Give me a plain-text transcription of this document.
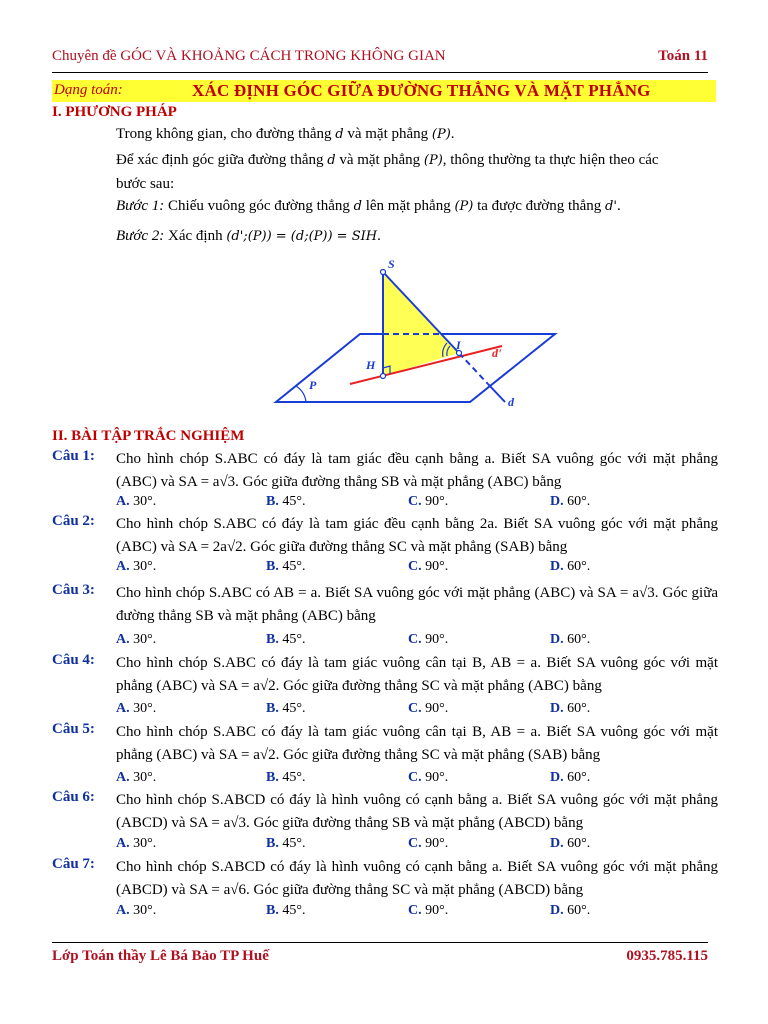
Chuyên đề GÓC VÀ KHOẢNG CÁCH TRONG KHÔNG GIAN	Toán 11
Dạng toán:	XÁC ĐỊNH GÓC GIỮA ĐƯỜNG THẲNG VÀ MẶT PHẲNG
I. PHƯƠNG PHÁP
Trong không gian, cho đường thẳng d và mặt phẳng (P).
Để xác định góc giữa đường thẳng d và mặt phẳng (P), thông thường ta thực hiện theo các
bước sau:
Bước 1: Chiếu vuông góc đường thẳng d lên mặt phẳng (P) ta được đường thẳng d'.
Bước 2: Xác định (d';(P)) = (d;(P)) = SIH.
S
H
I
P
d'
d
II. BÀI TẬP TRẮC NGHIỆM
Câu 1: Cho hình chóp S.ABC có đáy là tam giác đều cạnh bằng a. Biết SA vuông góc với mặt phẳng (ABC) và SA = a√3. Góc giữa đường thẳng SB và mặt phẳng (ABC) bằng
A. 30°.	B. 45°.	C. 90°.	D. 60°.
Câu 2: Cho hình chóp S.ABC có đáy là tam giác đều cạnh bằng 2a. Biết SA vuông góc với mặt phẳng (ABC) và SA = 2a√2. Góc giữa đường thẳng SC và mặt phẳng (SAB) bằng
A. 30°.	B. 45°.	C. 90°.	D. 60°.
Câu 3: Cho hình chóp S.ABC có AB = a. Biết SA vuông góc với mặt phẳng (ABC) và SA = a√3. Góc giữa đường thẳng SB và mặt phẳng (ABC) bằng
A. 30°.	B. 45°.	C. 90°.	D. 60°.
Câu 4: Cho hình chóp S.ABC có đáy là tam giác vuông cân tại B, AB = a. Biết SA vuông góc với mặt phẳng (ABC) và SA = a√2. Góc giữa đường thẳng SC và mặt phẳng (ABC) bằng
A. 30°.	B. 45°.	C. 90°.	D. 60°.
Câu 5: Cho hình chóp S.ABC có đáy là tam giác vuông cân tại B, AB = a. Biết SA vuông góc với mặt phẳng (ABC) và SA = a√2. Góc giữa đường thẳng SC và mặt phẳng (SAB) bằng
A. 30°.	B. 45°.	C. 90°.	D. 60°.
Câu 6: Cho hình chóp S.ABCD có đáy là hình vuông có cạnh bằng a. Biết SA vuông góc với mặt phẳng (ABCD) và SA = a√3. Góc giữa đường thẳng SB và mặt phẳng (ABCD) bằng
A. 30°.	B. 45°.	C. 90°.	D. 60°.
Câu 7: Cho hình chóp S.ABCD có đáy là hình vuông có cạnh bằng a. Biết SA vuông góc với mặt phẳng (ABCD) và SA = a√6. Góc giữa đường thẳng SC và mặt phẳng (ABCD) bằng
A. 30°.	B. 45°.	C. 90°.	D. 60°.
Lớp Toán thầy Lê Bá Bảo TP Huế	0935.785.115
